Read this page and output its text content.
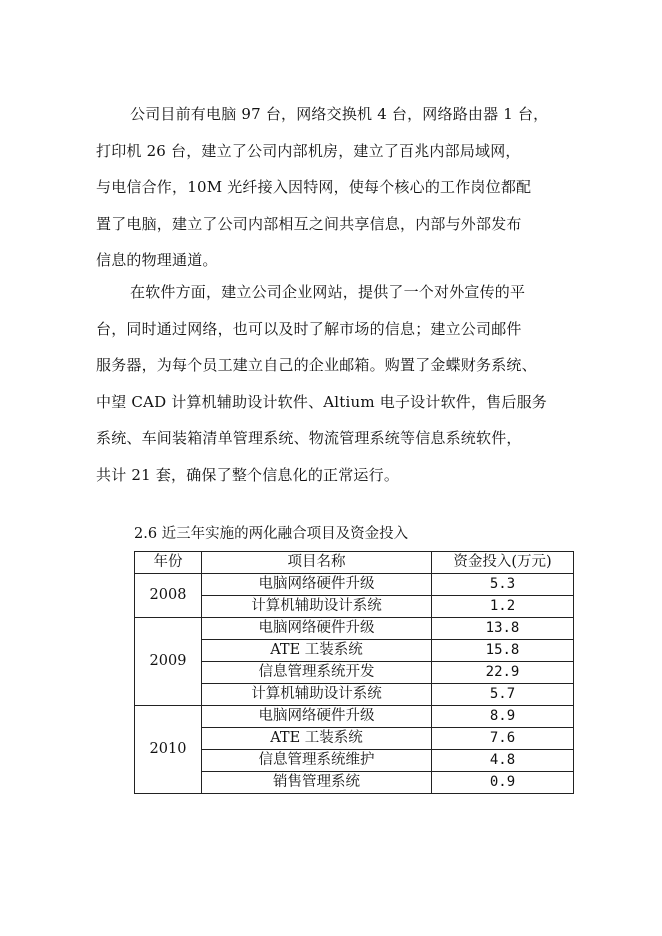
公司目前有电脑 97 台，网络交换机 4 台，网络路由器 1 台，
打印机 26 台，建立了公司内部机房，建立了百兆内部局域网，
与电信合作，10M 光纤接入因特网，使每个核心的工作岗位都配
置了电脑，建立了公司内部相互之间共享信息，内部与外部发布
信息的物理通道。
在软件方面，建立公司企业网站，提供了一个对外宣传的平
台，同时通过网络，也可以及时了解市场的信息；建立公司邮件
服务器，为每个员工建立自己的企业邮箱。购置了金蝶财务系统、
中望 CAD 计算机辅助设计软件、Altium 电子设计软件，售后服务
系统、车间装箱清单管理系统、物流管理系统等信息系统软件，
共计 21 套，确保了整个信息化的正常运行。
2.6 近三年实施的两化融合项目及资金投入
年份	项目名称	资金投入(万元)
2008	电脑网络硬件升级	5.3
	计算机辅助设计系统	1.2
2009	电脑网络硬件升级	13.8
	ATE 工装系统	15.8
	信息管理系统开发	22.9
	计算机辅助设计系统	5.7
2010	电脑网络硬件升级	8.9
	ATE 工装系统	7.6
	信息管理系统维护	4.8
	销售管理系统	0.9
